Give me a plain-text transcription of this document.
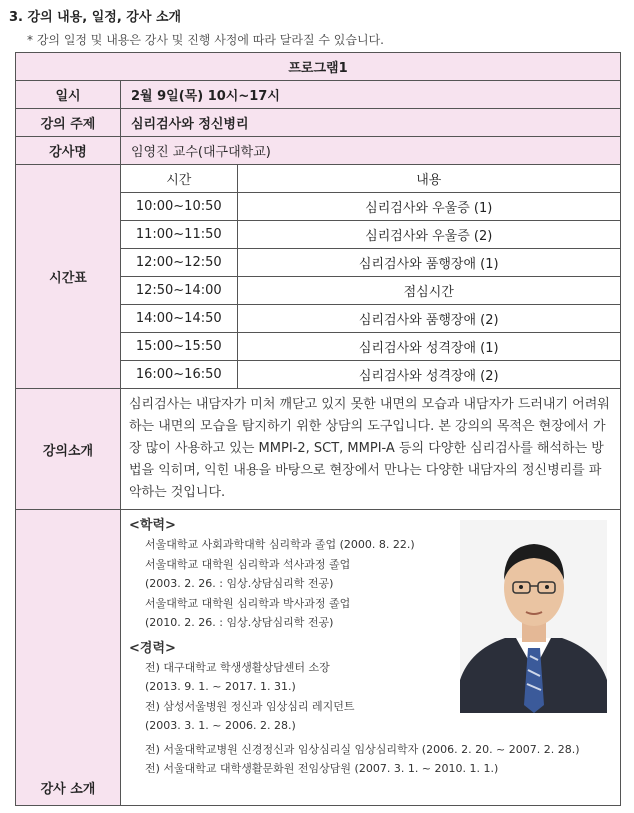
3. 강의 내용, 일정, 강사 소개
* 강의 일정 및 내용은 강사 및 진행 사정에 따라 달라질 수 있습니다.
프로그램1
일시	2월 9일(목) 10시~17시
강의 주제	심리검사와 정신병리
강사명	임영진 교수(대구대학교)
시간표	
시간	내용
10:00~10:50	심리검사와 우울증 (1)
11:00~11:50	심리검사와 우울증 (2)
12:00~12:50	심리검사와 품행장애 (1)
12:50~14:00	점심시간
14:00~14:50	심리검사와 품행장애 (2)
15:00~15:50	심리검사와 성격장애 (1)
16:00~16:50	심리검사와 성격장애 (2)

강의소개	심리검사는 내담자가 미처 깨닫고 있지 못한 내면의 모습과 내담자가 드러내기 어려워하는 내면의 모습을 탐지하기 위한 상담의 도구입니다. 본 강의의 목적은 현장에서 가장 많이 사용하고 있는 MMPI-2, SCT, MMPI-A 등의 다양한 심리검사를 해석하는 방법을 익히며, 익힌 내용을 바탕으로 현장에서 만나는 다양한 내담자의 정신병리를 파악하는 것입니다.
강사 소개	
<학력>
서울대학교 사회과학대학 심리학과 졸업 (2000. 8. 22.)
서울대학교 대학원 심리학과 석사과정 졸업
(2003. 2. 26. : 임상.상담심리학 전공)
서울대학교 대학원 심리학과 박사과정 졸업
(2010. 2. 26. : 임상.상담심리학 전공)
<경력>
전) 대구대학교 학생생활상담센터 소장
(2013. 9. 1. ~ 2017. 1. 31.)
전) 삼성서울병원 정신과 임상심리 레지던트
(2003. 3. 1. ~ 2006. 2. 28.)
전) 서울대학교병원 신경정신과 임상심리실 임상심리학자 (2006. 2. 20. ~ 2007. 2. 28.)
전) 서울대학교 대학생활문화원 전임상담원 (2007. 3. 1. ~ 2010. 1. 1.)
